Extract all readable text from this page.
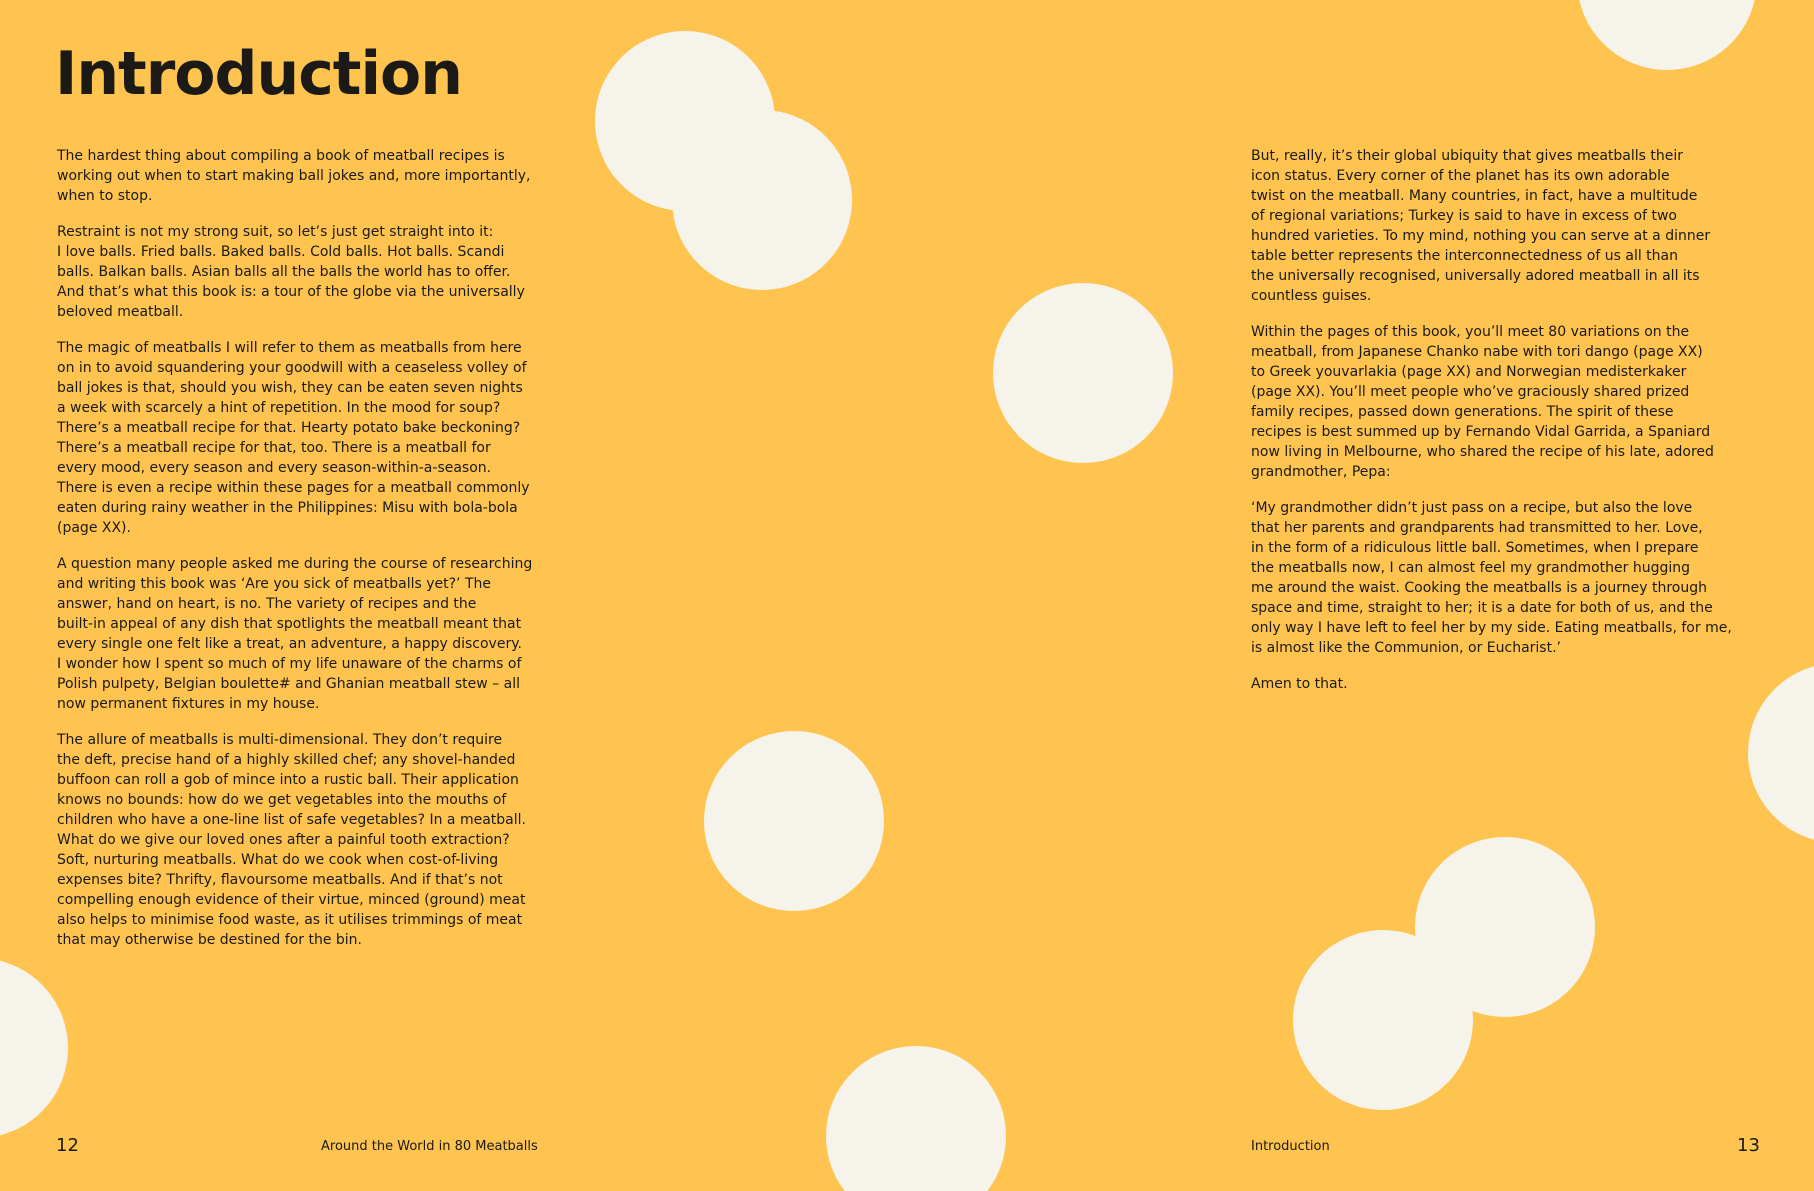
Introduction

The hardest thing about compiling a book of meatball recipes is
working out when to start making ball jokes and, more importantly,
when to stop.

Restraint is not my strong suit, so let’s just get straight into it:
I love balls. Fried balls. Baked balls. Cold balls. Hot balls. Scandi
balls. Balkan balls. Asian balls all the balls the world has to offer.
And that’s what this book is: a tour of the globe via the universally
beloved meatball.

The magic of meatballs I will refer to them as meatballs from here
on in to avoid squandering your goodwill with a ceaseless volley of
ball jokes is that, should you wish, they can be eaten seven nights
a week with scarcely a hint of repetition. In the mood for soup?
There’s a meatball recipe for that. Hearty potato bake beckoning?
There’s a meatball recipe for that, too. There is a meatball for
every mood, every season and every season-within-a-season.
There is even a recipe within these pages for a meatball commonly
eaten during rainy weather in the Philippines: Misu with bola-bola
(page XX).

A question many people asked me during the course of researching
and writing this book was ‘Are you sick of meatballs yet?’ The
answer, hand on heart, is no. The variety of recipes and the
built-in appeal of any dish that spotlights the meatball meant that
every single one felt like a treat, an adventure, a happy discovery.
I wonder how I spent so much of my life unaware of the charms of
Polish pulpety, Belgian boulette# and Ghanian meatball stew – all
now permanent fixtures in my house.

The allure of meatballs is multi-dimensional. They don’t require
the deft, precise hand of a highly skilled chef; any shovel-handed
buffoon can roll a gob of mince into a rustic ball. Their application
knows no bounds: how do we get vegetables into the mouths of
children who have a one-line list of safe vegetables? In a meatball.
What do we give our loved ones after a painful tooth extraction?
Soft, nurturing meatballs. What do we cook when cost-of-living
expenses bite? Thrifty, flavoursome meatballs. And if that’s not
compelling enough evidence of their virtue, minced (ground) meat
also helps to minimise food waste, as it utilises trimmings of meat
that may otherwise be destined for the bin.

But, really, it’s their global ubiquity that gives meatballs their
icon status. Every corner of the planet has its own adorable
twist on the meatball. Many countries, in fact, have a multitude
of regional variations; Turkey is said to have in excess of two
hundred varieties. To my mind, nothing you can serve at a dinner
table better represents the interconnectedness of us all than
the universally recognised, universally adored meatball in all its
countless guises.

Within the pages of this book, you’ll meet 80 variations on the
meatball, from Japanese Chanko nabe with tori dango (page XX)
to Greek youvarlakia (page XX) and Norwegian medisterkaker
(page XX). You’ll meet people who’ve graciously shared prized
family recipes, passed down generations. The spirit of these
recipes is best summed up by Fernando Vidal Garrida, a Spaniard
now living in Melbourne, who shared the recipe of his late, adored
grandmother, Pepa:

‘My grandmother didn’t just pass on a recipe, but also the love
that her parents and grandparents had transmitted to her. Love,
in the form of a ridiculous little ball. Sometimes, when I prepare
the meatballs now, I can almost feel my grandmother hugging
me around the waist. Cooking the meatballs is a journey through
space and time, straight to her; it is a date for both of us, and the
only way I have left to feel her by my side. Eating meatballs, for me,
is almost like the Communion, or Eucharist.’

Amen to that.

12	Around the World in 80 Meatballs	Introduction	13
